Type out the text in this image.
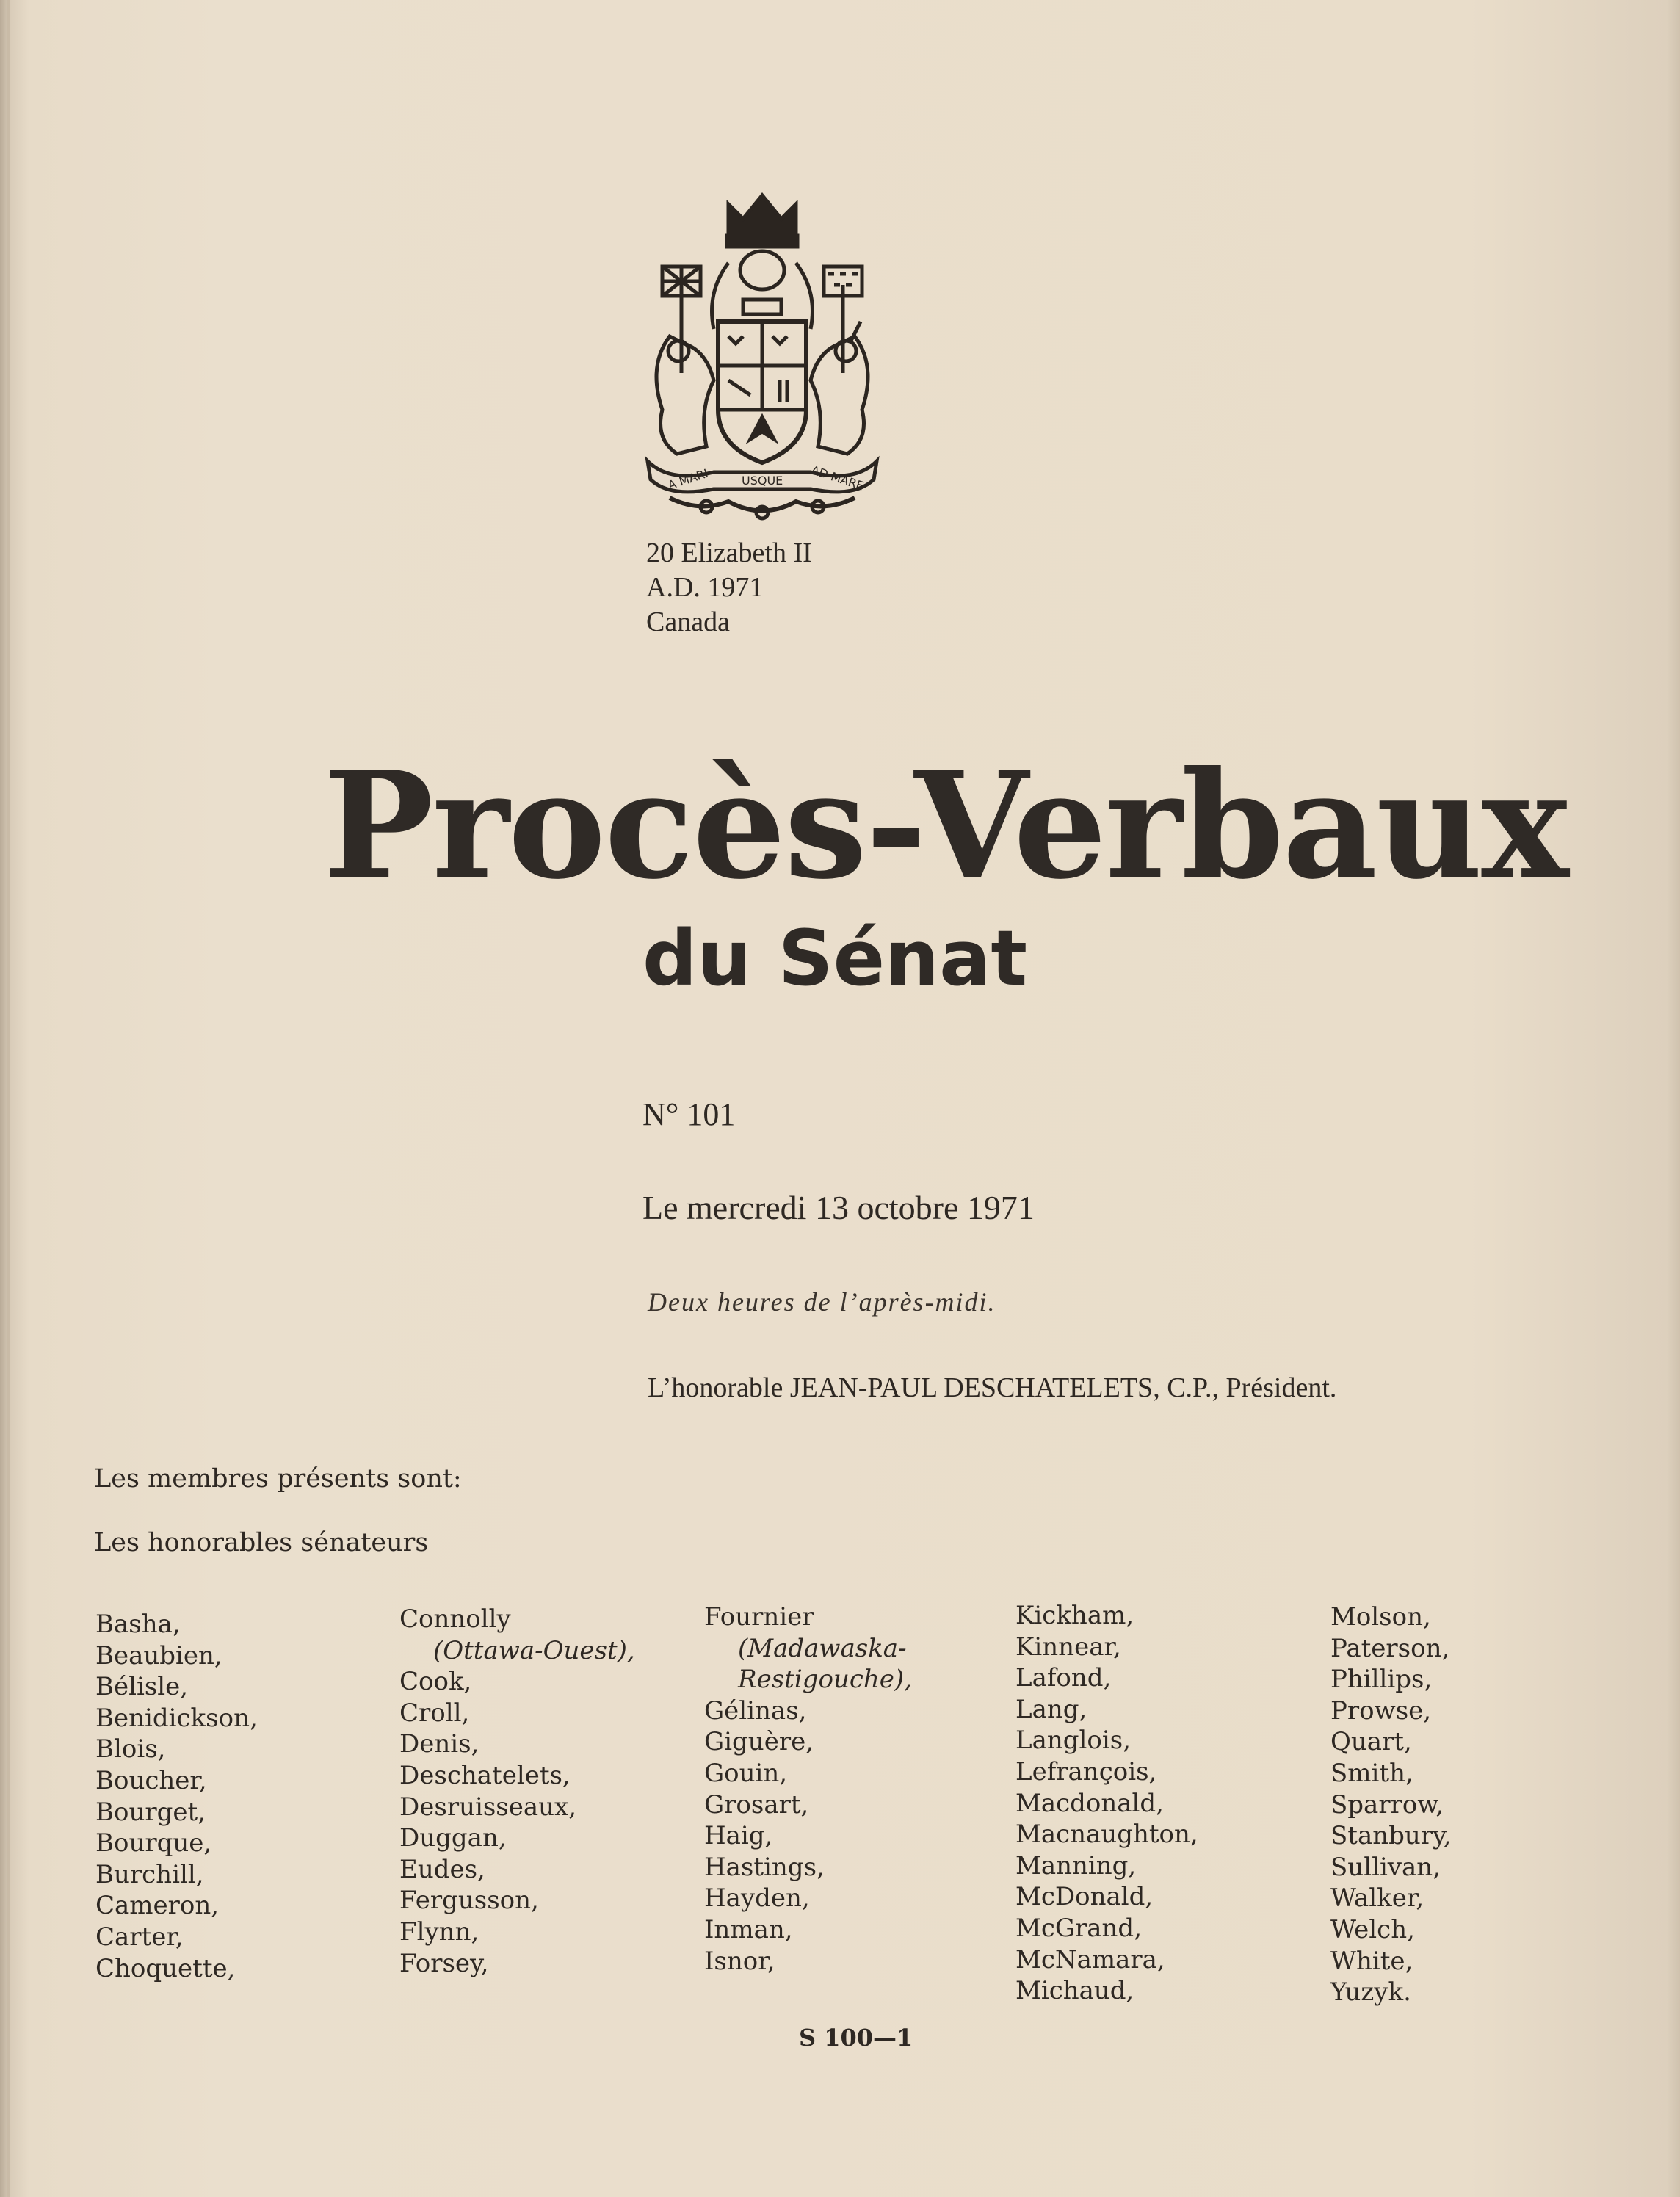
A MARI	USQUE AD MARE
20 Elizabeth II
A.D. 1971
Canada
Procès-Verbaux
du Sénat
N° 101
Le mercredi 13 octobre 1971
Deux heures de l’après-midi.
L’honorable JEAN-PAUL DESCHATELETS, C.P., Président.
Les membres présents sont:
Les honorables sénateurs
Basha,
Beaubien,
Bélisle,
Benidickson,
Blois,
Boucher,
Bourget,
Bourque,
Burchill,
Cameron,
Carter,
Choquette,
Connolly
(Ottawa-Ouest),
Cook,
Croll,
Denis,
Deschatelets,
Desruisseaux,
Duggan,
Eudes,
Fergusson,
Flynn,
Forsey,
Fournier
(Madawaska-
Restigouche),
Gélinas,
Giguère,
Gouin,
Grosart,
Haig,
Hastings,
Hayden,
Inman,
Isnor,
Kickham,
Kinnear,
Lafond,
Lang,
Langlois,
Lefrançois,
Macdonald,
Macnaughton,
Manning,
McDonald,
McGrand,
McNamara,
Michaud,
Molson,
Paterson,
Phillips,
Prowse,
Quart,
Smith,
Sparrow,
Stanbury,
Sullivan,
Walker,
Welch,
White,
Yuzyk.
S 100—1
